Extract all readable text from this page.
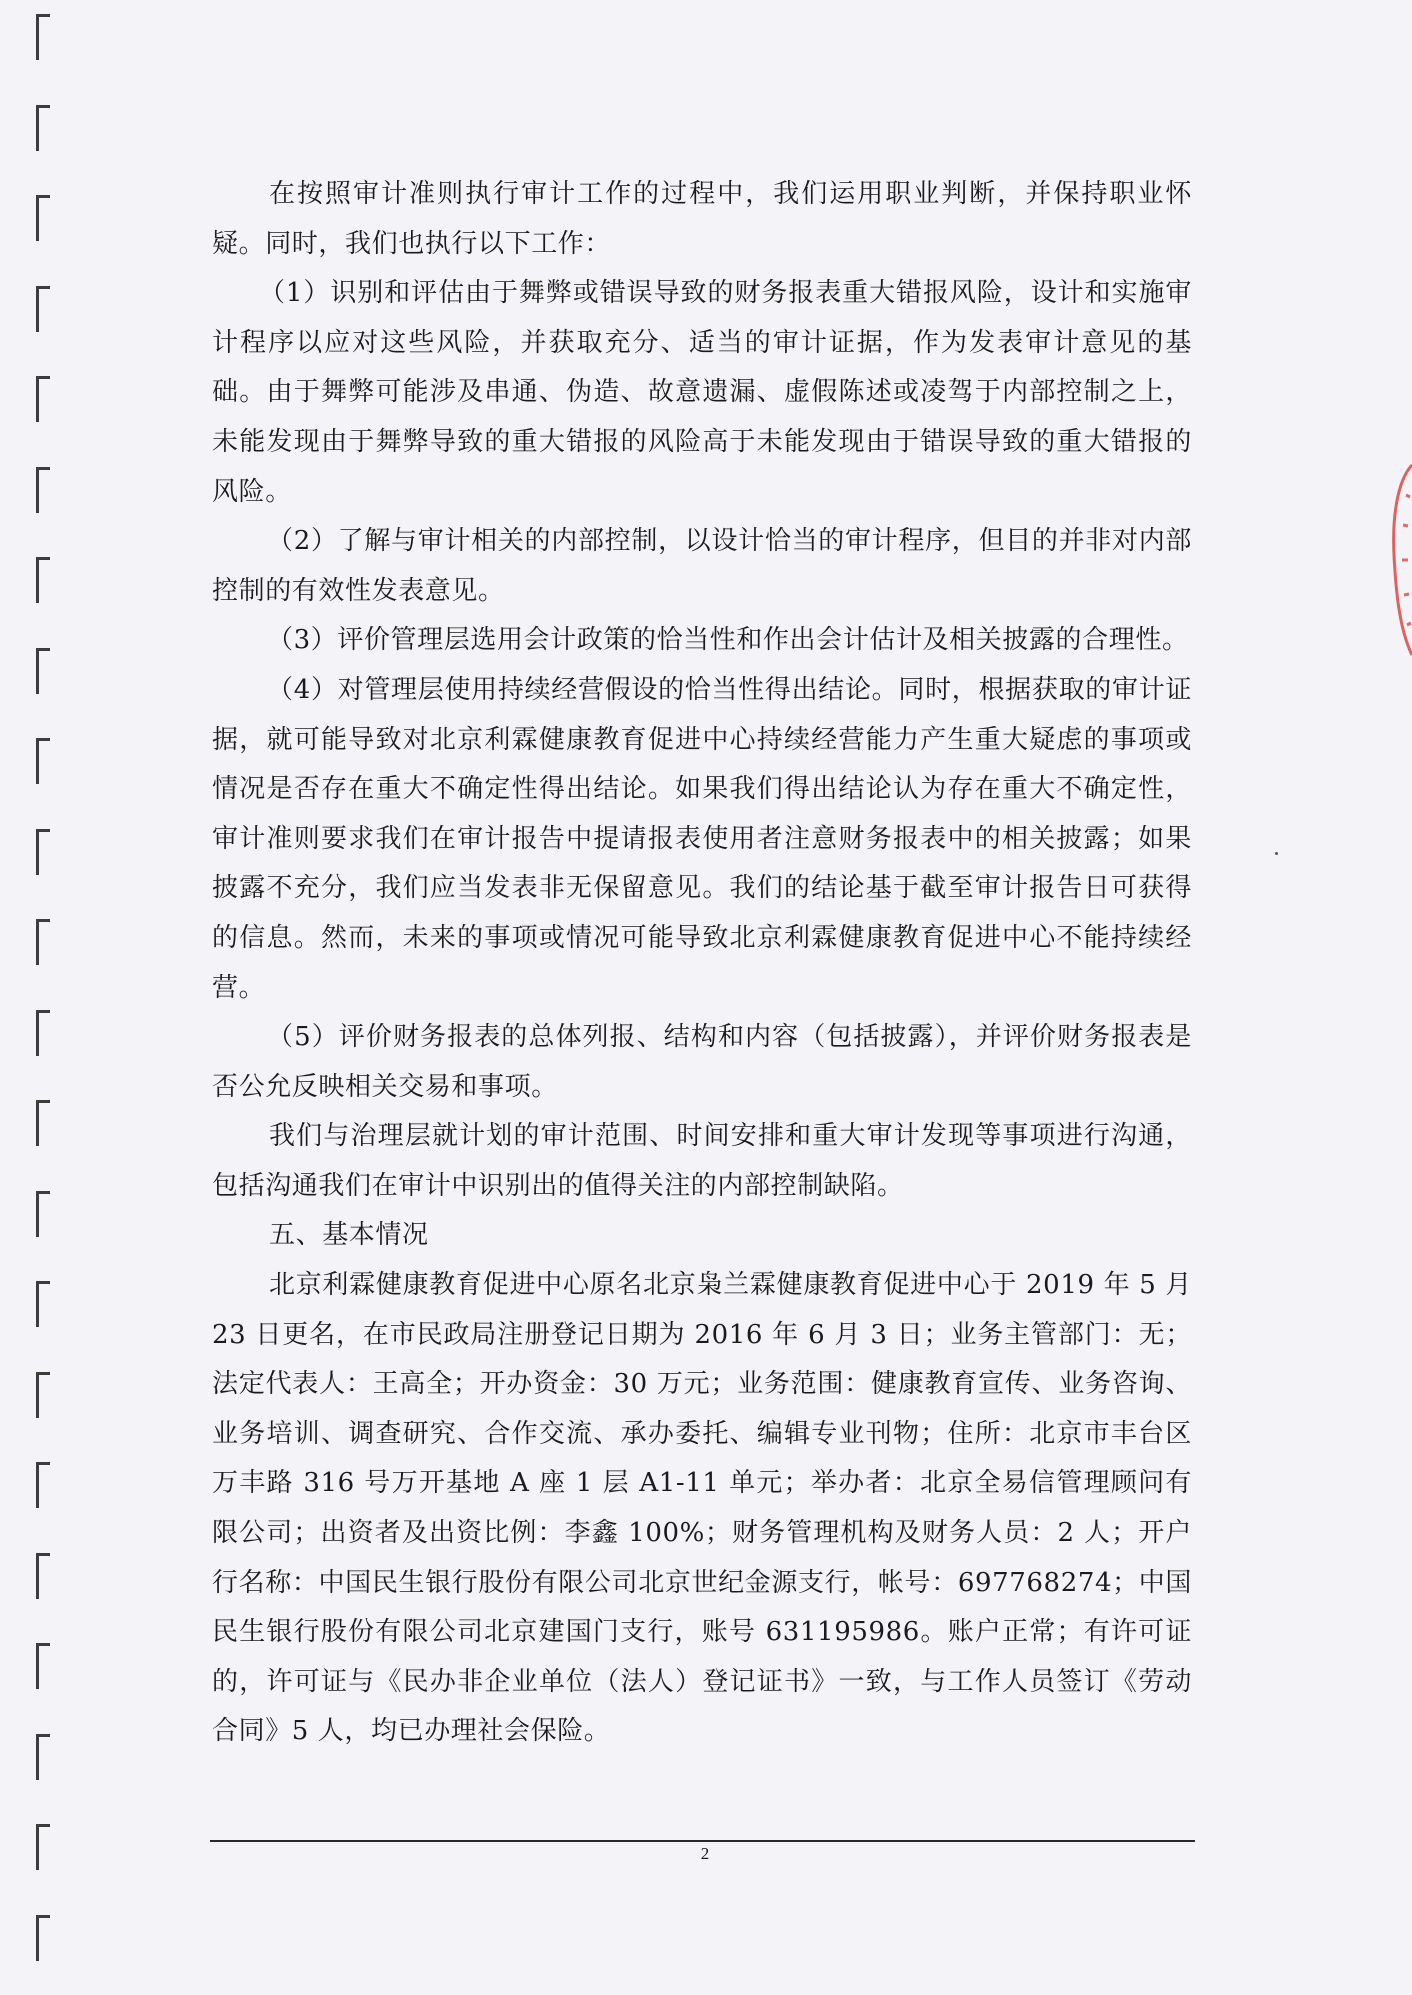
在按照审计准则执行审计工作的过程中，我们运用职业判断，并保持职业怀疑。同时，我们也执行以下工作：

（1）识别和评估由于舞弊或错误导致的财务报表重大错报风险，设计和实施审计程序以应对这些风险，并获取充分、适当的审计证据，作为发表审计意见的基础。由于舞弊可能涉及串通、伪造、故意遗漏、虚假陈述或凌驾于内部控制之上，未能发现由于舞弊导致的重大错报的风险高于未能发现由于错误导致的重大错报的风险。

（2）了解与审计相关的内部控制，以设计恰当的审计程序，但目的并非对内部控制的有效性发表意见。

（3）评价管理层选用会计政策的恰当性和作出会计估计及相关披露的合理性。

（4）对管理层使用持续经营假设的恰当性得出结论。同时，根据获取的审计证据，就可能导致对北京利霖健康教育促进中心持续经营能力产生重大疑虑的事项或情况是否存在重大不确定性得出结论。如果我们得出结论认为存在重大不确定性，审计准则要求我们在审计报告中提请报表使用者注意财务报表中的相关披露；如果披露不充分，我们应当发表非无保留意见。我们的结论基于截至审计报告日可获得的信息。然而，未来的事项或情况可能导致北京利霖健康教育促进中心不能持续经营。

（5）评价财务报表的总体列报、结构和内容（包括披露），并评价财务报表是否公允反映相关交易和事项。

我们与治理层就计划的审计范围、时间安排和重大审计发现等事项进行沟通，包括沟通我们在审计中识别出的值得关注的内部控制缺陷。

五、基本情况

北京利霖健康教育促进中心原名北京枭兰霖健康教育促进中心于 2019 年 5 月 23 日更名，在市民政局注册登记日期为 2016 年 6 月 3 日；业务主管部门：无；法定代表人：王高全；开办资金：30 万元；业务范围：健康教育宣传、业务咨询、业务培训、调查研究、合作交流、承办委托、编辑专业刊物；住所：北京市丰台区万丰路 316 号万开基地 A 座 1 层 A1-11 单元；举办者：北京全易信管理顾问有限公司；出资者及出资比例：李鑫 100%；财务管理机构及财务人员：2 人；开户行名称：中国民生银行股份有限公司北京世纪金源支行，帐号：697768274；中国民生银行股份有限公司北京建国门支行，账号 631195986。账户正常；有许可证的，许可证与《民办非企业单位（法人）登记证书》一致，与工作人员签订《劳动合同》5 人，均已办理社会保险。

2
